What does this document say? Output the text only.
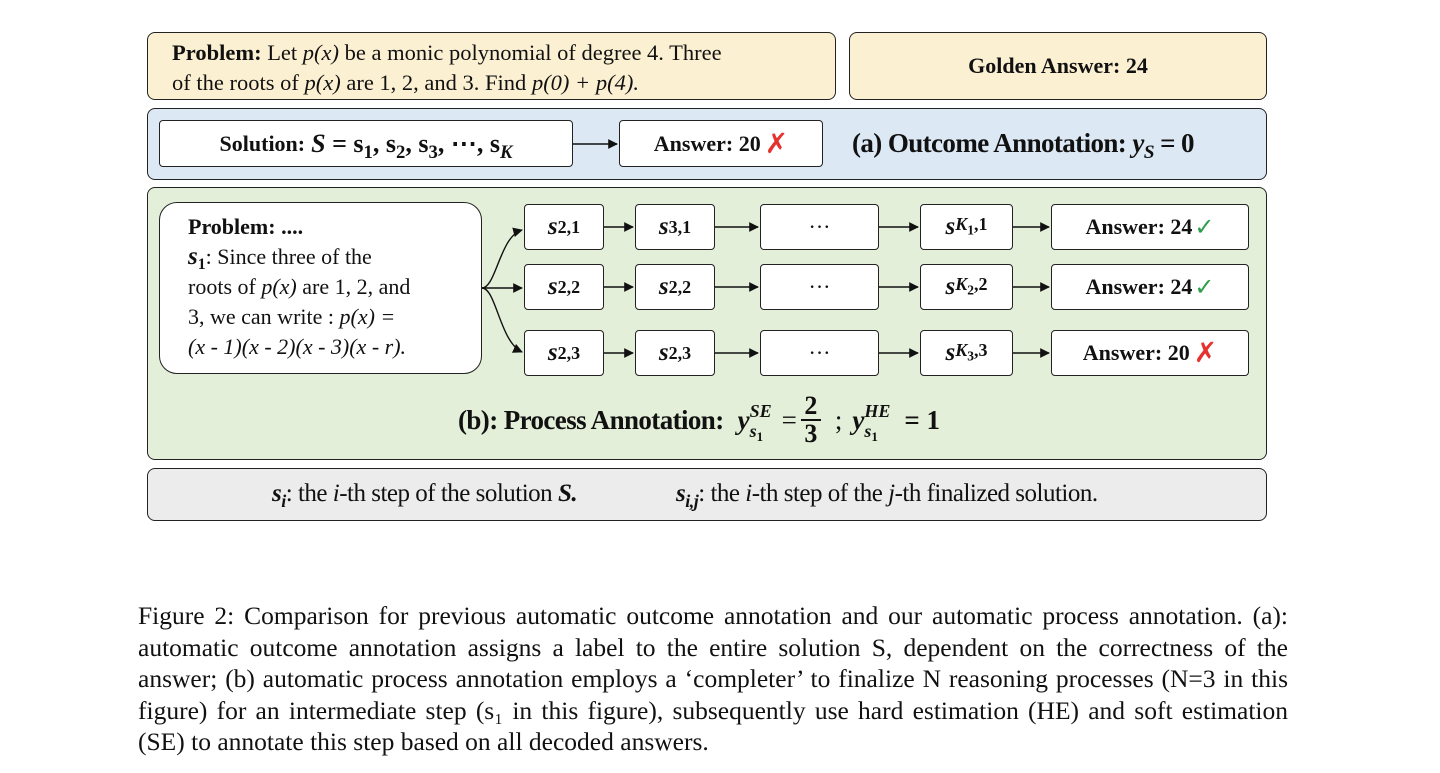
Problem: Let p(x) be a monic polynomial of degree 4. Three
of the roots of p(x) are 1, 2, and 3. Find p(0) + p(4).
Golden Answer: 24
Solution: $S = s_1$, $s_2$, $s_3$, ⋯, $s_K$	Answer: 20 ✗ (a) Outcome Annotation: $y_S = 0$
Problem: ....
$s_1$: Since three of the
roots of p(x) are 1, 2, and
3, we can write : p(x) =
(x - 1)(x - 2)(x - 3)(x - r).
s 2,1	s 3,1	···	s $K_1,1$	Answer: 24 ✓
s 2,2	s 2,2	···	s $K_2,2$	Answer: 24 ✓
s 2,3	s 2,3	···	s $K_3,3$	Answer: 20 ✗
(b): Process Annotation: y SE
$s_1$
= 2
3 ; y HE
$s_1$
= 1
$s_i$: the i-th step of the solution S.	$s_{i,j}$: the i-th step of the j-th finalized solution.

Figure 2: Comparison for previous automatic outcome annotation and our automatic process annotation. (a): automatic outcome annotation assigns a label to the entire solution S, dependent on the correctness of the answer; (b) automatic process annotation employs a ‘completer’ to finalize N reasoning processes (N=3 in this figure) for an intermediate step (s₁ in this figure), subsequently use hard estimation (HE) and soft estimation (SE) to annotate this step based on all decoded answers.
